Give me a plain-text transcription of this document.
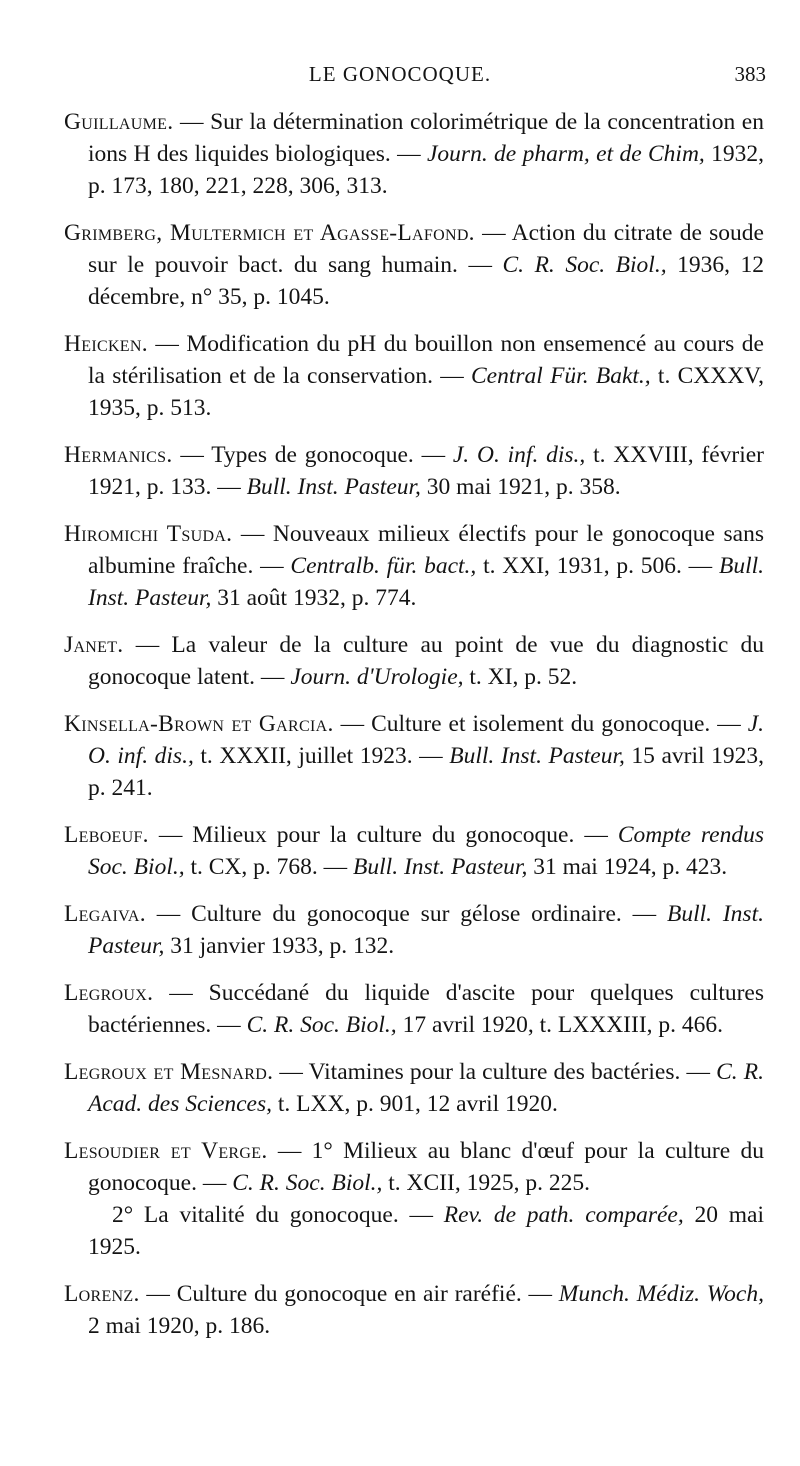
LE GONOCOQUE.	383

Guillaume. — Sur la détermination colorimétrique de la concentration en ions H des liquides biologiques. — Journ. de pharm, et de Chim, 1932, p. 173, 180, 221, 228, 306, 313.

Grimberg, Multermich et Agasse-Lafond. — Action du citrate de soude sur le pouvoir bact. du sang humain. — C. R. Soc. Biol., 1936, 12 décembre, n° 35, p. 1045.

Heicken. — Modification du pH du bouillon non ensemencé au cours de la stérilisation et de la conservation. — Central Für. Bakt., t. CXXXV, 1935, p. 513.

Hermanics. — Types de gonocoque. — J. O. inf. dis., t. XXVIII, février 1921, p. 133. — Bull. Inst. Pasteur, 30 mai 1921, p. 358.

Hiromichi Tsuda. — Nouveaux milieux électifs pour le gonocoque sans albumine fraîche. — Centralb. für. bact., t. XXI, 1931, p. 506. — Bull. Inst. Pasteur, 31 août 1932, p. 774.

Janet. — La valeur de la culture au point de vue du diagnostic du gonocoque latent. — Journ. d'Urologie, t. XI, p. 52.

Kinsella-Brown et Garcia. — Culture et isolement du gonocoque. — J. O. inf. dis., t. XXXII, juillet 1923. — Bull. Inst. Pasteur, 15 avril 1923, p. 241.

Leboeuf. — Milieux pour la culture du gonocoque. — Compte rendus Soc. Biol., t. CX, p. 768. — Bull. Inst. Pasteur, 31 mai 1924, p. 423.

Legaiva. — Culture du gonocoque sur gélose ordinaire. — Bull. Inst. Pasteur, 31 janvier 1933, p. 132.

Legroux. — Succédané du liquide d'ascite pour quelques cultures bactériennes. — C. R. Soc. Biol., 17 avril 1920, t. LXXXIII, p. 466.

Legroux et Mesnard. — Vitamines pour la culture des bactéries. — C. R. Acad. des Sciences, t. LXX, p. 901, 12 avril 1920.

Lesoudier et Verge. — 1° Milieux au blanc d'œuf pour la culture du gonocoque. — C. R. Soc. Biol., t. XCII, 1925, p. 225.
2° La vitalité du gonocoque. — Rev. de path. comparée, 20 mai 1925.

Lorenz. — Culture du gonocoque en air raréfié. — Munch. Médiz. Woch, 2 mai 1920, p. 186.
